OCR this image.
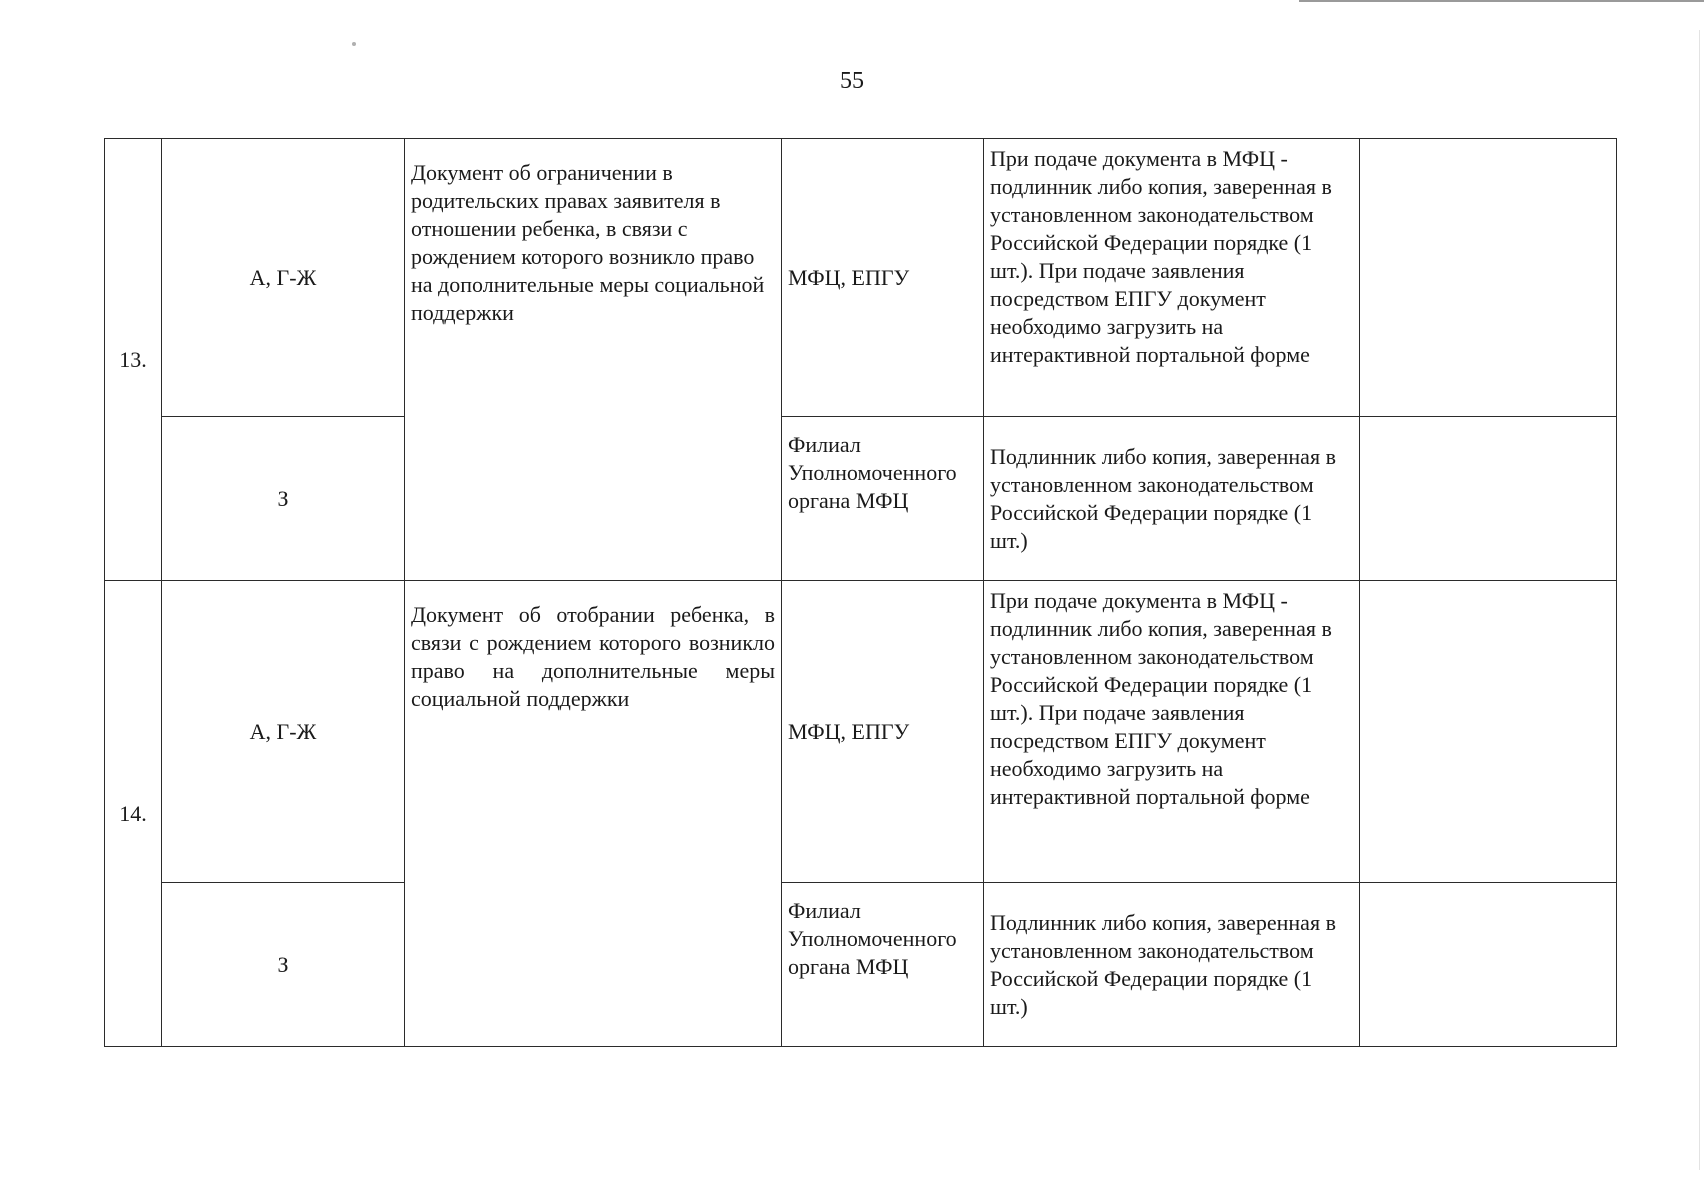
55
13.	А, Г-Ж	Документ об ограничении в родительских правах заявителя в отношении ребенка, в связи с рождением которого возникло право на дополнительные меры социальной поддержки	МФЦ, ЕПГУ	При подаче документа в МФЦ - подлинник либо копия, заверенная в установленном законодательством Российской Федерации порядке (1 шт.). При подаче заявления посредством ЕПГУ документ необходимо загрузить на интерактивной портальной форме	
	З		Филиал Уполномоченного органа МФЦ	Подлинник либо копия, заверенная в установленном законодательством Российской Федерации порядке (1 шт.)	
14.	А, Г-Ж	Документ об отобрании ребенка, в связи с рождением которого возникло право на дополнительные меры социальной поддержки	МФЦ, ЕПГУ	При подаче документа в МФЦ - подлинник либо копия, заверенная в установленном законодательством Российской Федерации порядке (1 шт.). При подаче заявления посредством ЕПГУ документ необходимо загрузить на интерактивной портальной форме	
	З		Филиал Уполномоченного органа МФЦ	Подлинник либо копия, заверенная в установленном законодательством Российской Федерации порядке (1 шт.)	
